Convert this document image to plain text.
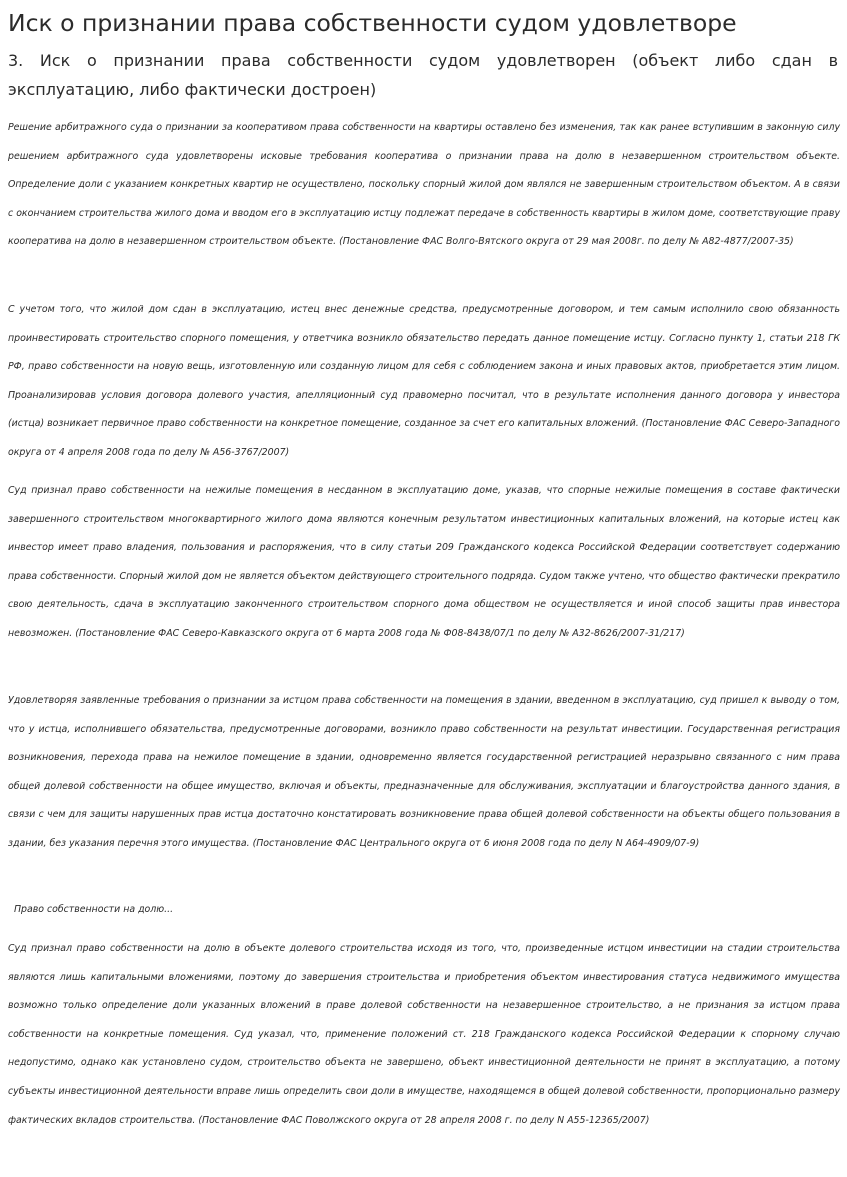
Иск о признании права собственности судом удовлетворе

3. Иск о признании права собственности судом удовлетворен (объект либо сдан в эксплуатацию, либо фактически достроен)

Решение арбитражного суда о признании за кооперативом права собственности на квартиры оставлено без изменения, так как ранее вступившим в законную силу решением арбитражного суда удовлетворены исковые требования кооператива о признании права на долю в незавершенном строительством объекте. Определение доли с указанием конкретных квартир не осуществлено, поскольку спорный жилой дом являлся не завершенным строительством объектом. А в связи с окончанием строительства жилого дома и вводом его в эксплуатацию истцу подлежат передаче в собственность квартиры в жилом доме, соответствующие праву кооператива на долю в незавершенном строительством объекте. (Постановление ФАС Волго-Вятского округа от 29 мая 2008г. по делу № А82-4877/2007-35)

С учетом того, что жилой дом сдан в эксплуатацию, истец внес денежные средства, предусмотренные договором, и тем самым исполнило свою обязанность проинвестировать строительство спорного помещения, у ответчика возникло обязательство передать данное помещение истцу. Согласно пункту 1, статьи 218 ГК РФ, право собственности на новую вещь, изготовленную или созданную лицом для себя с соблюдением закона и иных правовых актов, приобретается этим лицом. Проанализировав условия договора долевого участия, апелляционный суд правомерно посчитал, что в результате исполнения данного договора у инвестора (истца) возникает первичное право собственности на конкретное помещение, созданное за счет его капитальных вложений. (Постановление ФАС Северо-Западного округа от 4 апреля 2008 года по делу № А56-3767/2007)

Суд признал право собственности на нежилые помещения в несданном в эксплуатацию доме, указав, что спорные нежилые помещения в составе фактически завершенного строительством многоквартирного жилого дома являются конечным результатом инвестиционных капитальных вложений, на которые истец как инвестор имеет право владения, пользования и распоряжения, что в силу статьи 209 Гражданского кодекса Российской Федерации соответствует содержанию права собственности. Спорный жилой дом не является объектом действующего строительного подряда. Судом также учтено, что общество фактически прекратило свою деятельность, сдача в эксплуатацию законченного строительством спорного дома обществом не осуществляется и иной способ защиты прав инвестора невозможен. (Постановление ФАС Северо-Кавказского округа от 6 марта 2008 года № Ф08-8438/07/1 по делу № А32-8626/2007-31/217)

Удовлетворяя заявленные требования о признании за истцом права собственности на помещения в здании, введенном в эксплуатацию, суд пришел к выводу о том, что у истца, исполнившего обязательства, предусмотренные договорами, возникло право собственности на результат инвестиции. Государственная регистрация возникновения, перехода права на нежилое помещение в здании, одновременно является государственной регистрацией неразрывно связанного с ним права общей долевой собственности на общее имущество, включая и объекты, предназначенные для обслуживания, эксплуатации и благоустройства данного здания, в связи с чем для защиты нарушенных прав истца достаточно констатировать возникновение права общей долевой собственности на объекты общего пользования в здании, без указания перечня этого имущества. (Постановление ФАС Центрального округа от 6 июня 2008 года по делу N А64-4909/07-9)

Право собственности на долю...

Суд признал право собственности на долю в объекте долевого строительства исходя из того, что, произведенные истцом инвестиции на стадии строительства являются лишь капитальными вложениями, поэтому до завершения строительства и приобретения объектом инвестирования статуса недвижимого имущества возможно только определение доли указанных вложений в праве долевой собственности на незавершенное строительство, а не признания за истцом права собственности на конкретные помещения. Суд указал, что, применение положений ст. 218 Гражданского кодекса Российской Федерации к спорному случаю недопустимо, однако как установлено судом, строительство объекта не завершено, объект инвестиционной деятельности не принят в эксплуатацию, а потому субъекты инвестиционной деятельности вправе лишь определить свои доли в имуществе, находящемся в общей долевой собственности, пропорционально размеру фактических вкладов строительства. (Постановление ФАС Поволжского округа от 28 апреля 2008 г. по делу N А55-12365/2007)
